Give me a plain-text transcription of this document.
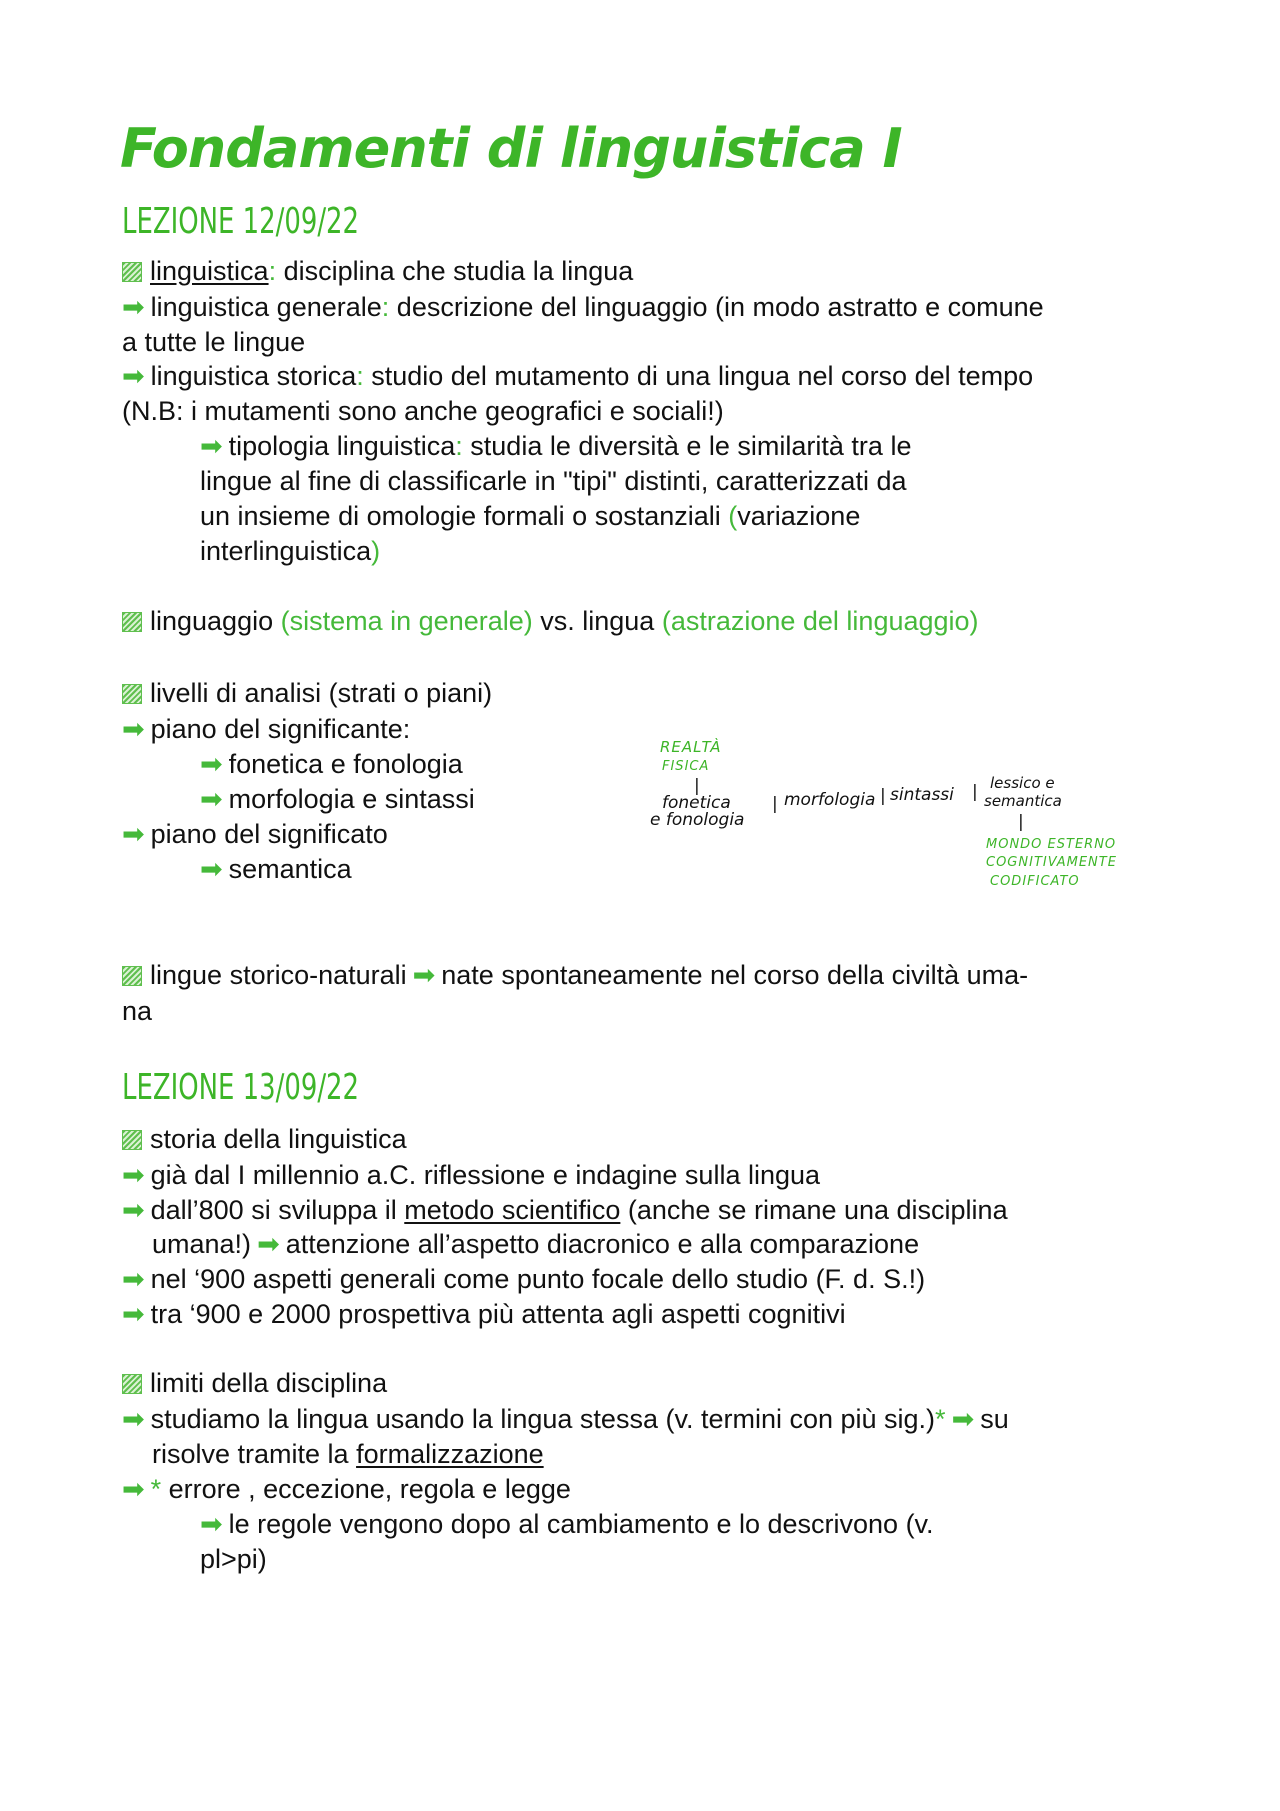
Fondamenti di linguistica I
LEZIONE 12/09/22
linguistica: disciplina che studia la lingua
➡ linguistica generale: descrizione del linguaggio (in modo astratto e comune
a tutte le lingue
➡ linguistica storica: studio del mutamento di una lingua nel corso del tempo
(N.B: i mutamenti sono anche geografici e sociali!)
➡ tipologia linguistica: studia le diversità e le similarità tra le
lingue al fine di classificarle in "tipi" distinti, caratterizzati da
un insieme di omologie formali o sostanziali (variazione
interlinguistica)
linguaggio (sistema in generale) vs. lingua (astrazione del linguaggio)
livelli di analisi (strati o piani)
➡ piano del significante:
➡ fonetica e fonologia
➡ morfologia e sintassi
➡ piano del significato
➡ semantica
REALTÀ
FISICA
|
fonetica
e fonologia
| morfologia | sintassi | lessico e
semantica
|
MONDO ESTERNO
COGNITIVAMENTE
CODIFICATO
lingue storico-naturali ➡ nate spontaneamente nel corso della civiltà uma-
na
LEZIONE 13/09/22
storia della linguistica
➡ già dal I millennio a.C. riflessione e indagine sulla lingua
➡ dall’800 si sviluppa il metodo scientifico (anche se rimane una disciplina
umana!) ➡ attenzione all’aspetto diacronico e alla comparazione
➡ nel ‘900 aspetti generali come punto focale dello studio (F. d. S.!)
➡ tra ‘900 e 2000 prospettiva più attenta agli aspetti cognitivi
limiti della disciplina
➡ studiamo la lingua usando la lingua stessa (v. termini con più sig.)* ➡ su
risolve tramite la formalizzazione
➡ * errore , eccezione, regola e legge
➡ le regole vengono dopo al cambiamento e lo descrivono (v.
pl>pi)
